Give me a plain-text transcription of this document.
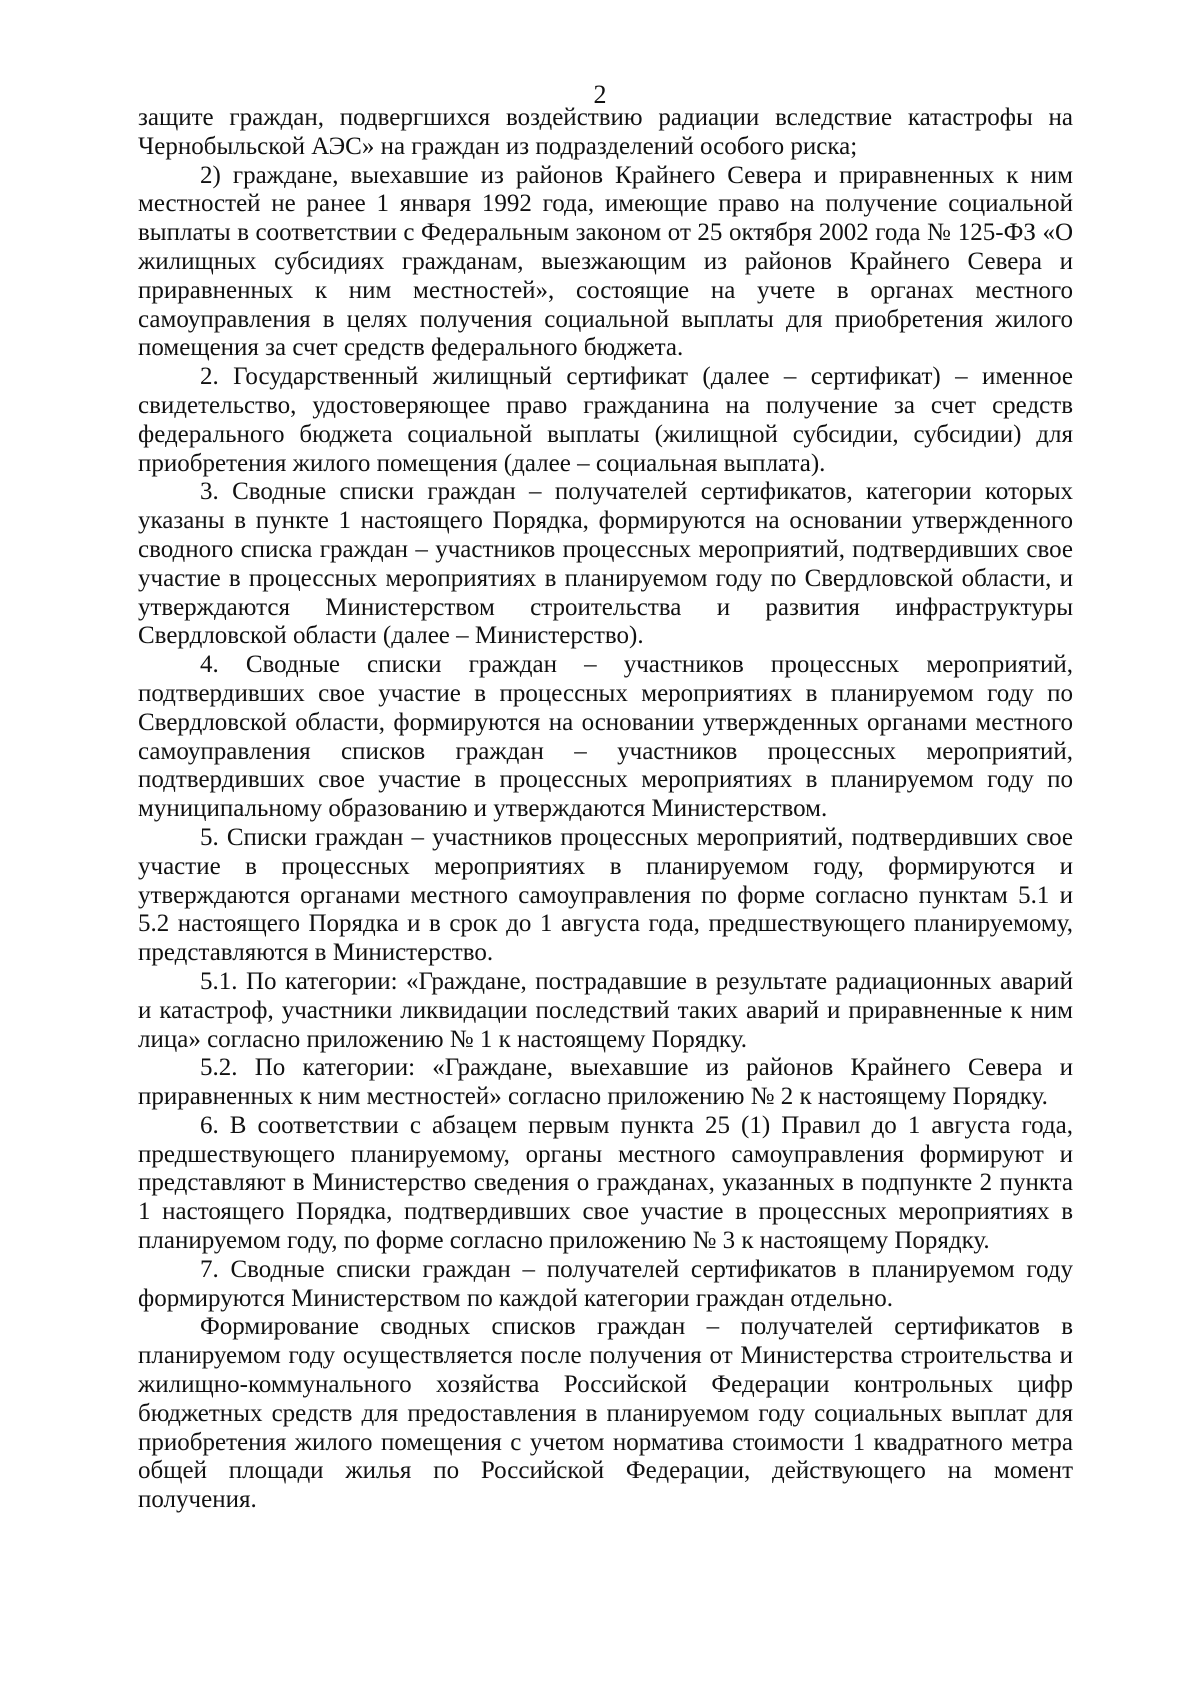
2

защите граждан, подвергшихся воздействию радиации вследствие катастрофы на Чернобыльской АЭС» на граждан из подразделений особого риска;

2) граждане, выехавшие из районов Крайнего Севера и приравненных к ним местностей не ранее 1 января 1992 года, имеющие право на получение социальной выплаты в соответствии с Федеральным законом от 25 октября 2002 года № 125-ФЗ «О жилищных субсидиях гражданам, выезжающим из районов Крайнего Севера и приравненных к ним местностей», состоящие на учете в органах местного самоуправления в целях получения социальной выплаты для приобретения жилого помещения за счет средств федерального бюджета.

2. Государственный жилищный сертификат (далее – сертификат) – именное свидетельство, удостоверяющее право гражданина на получение за счет средств федерального бюджета социальной выплаты (жилищной субсидии, субсидии) для приобретения жилого помещения (далее – социальная выплата).

3. Сводные списки граждан – получателей сертификатов, категории которых указаны в пункте 1 настоящего Порядка, формируются на основании утвержденного сводного списка граждан – участников процессных мероприятий, подтвердивших свое участие в процессных мероприятиях в планируемом году по Свердловской области, и утверждаются Министерством строительства и развития инфраструктуры Свердловской области (далее – Министерство).

4. Сводные списки граждан – участников процессных мероприятий, подтвердивших свое участие в процессных мероприятиях в планируемом году по Свердловской области, формируются на основании утвержденных органами местного самоуправления списков граждан – участников процессных мероприятий, подтвердивших свое участие в процессных мероприятиях в планируемом году по муниципальному образованию и утверждаются Министерством.

5. Списки граждан – участников процессных мероприятий, подтвердивших свое участие в процессных мероприятиях в планируемом году, формируются и утверждаются органами местного самоуправления по форме согласно пунктам 5.1 и 5.2 настоящего Порядка и в срок до 1 августа года, предшествующего планируемому, представляются в Министерство.

5.1. По категории: «Граждане, пострадавшие в результате радиационных аварий и катастроф, участники ликвидации последствий таких аварий и приравненные к ним лица» согласно приложению № 1 к настоящему Порядку.

5.2. По категории: «Граждане, выехавшие из районов Крайнего Севера и приравненных к ним местностей» согласно приложению № 2 к настоящему Порядку.

6. В соответствии с абзацем первым пункта 25 (1) Правил до 1 августа года, предшествующего планируемому, органы местного самоуправления формируют и представляют в Министерство сведения о гражданах, указанных в подпункте 2 пункта 1 настоящего Порядка, подтвердивших свое участие в процессных мероприятиях в планируемом году, по форме согласно приложению № 3 к настоящему Порядку.

7. Сводные списки граждан – получателей сертификатов в планируемом году формируются Министерством по каждой категории граждан отдельно.

Формирование сводных списков граждан – получателей сертификатов в планируемом году осуществляется после получения от Министерства строительства и жилищно-коммунального хозяйства Российской Федерации контрольных цифр бюджетных средств для предоставления в планируемом году социальных выплат для приобретения жилого помещения с учетом норматива стоимости 1 квадратного метра общей площади жилья по Российской Федерации, действующего на момент получения.
